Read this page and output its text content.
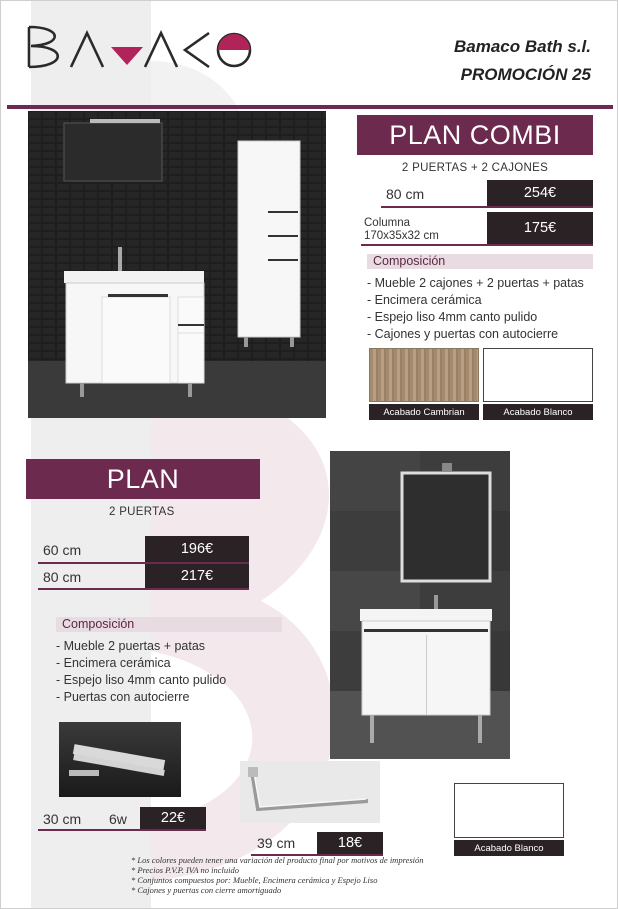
Bamaco Bath s.l.
PROMOCIÓN 25
PLAN COMBI
2 PUERTAS + 2 CAJONES
80 cm	254€
Columna
170x35x32 cm	175€
Composición
- Mueble 2 cajones + 2 puertas + patas
- Encimera cerámica
- Espejo liso 4mm canto pulido
- Cajones y puertas con autocierre
Acabado Cambrian	Acabado Blanco
PLAN
2 PUERTAS
60 cm	196€
80 cm	217€
Composición
- Mueble 2 puertas + patas
- Encimera cerámica
- Espejo liso 4mm canto pulido
- Puertas con autocierre
30 cm 6w	22€
39 cm	18€	Acabado Blanco
* Los colores pueden tener una variación del producto final por motivos de impresión
* Precios P.V.P. IVA no incluido
* Conjuntos compuestos por: Mueble, Encimera cerámica y Espejo Liso
* Cajones y puertas con cierre amortiguado
